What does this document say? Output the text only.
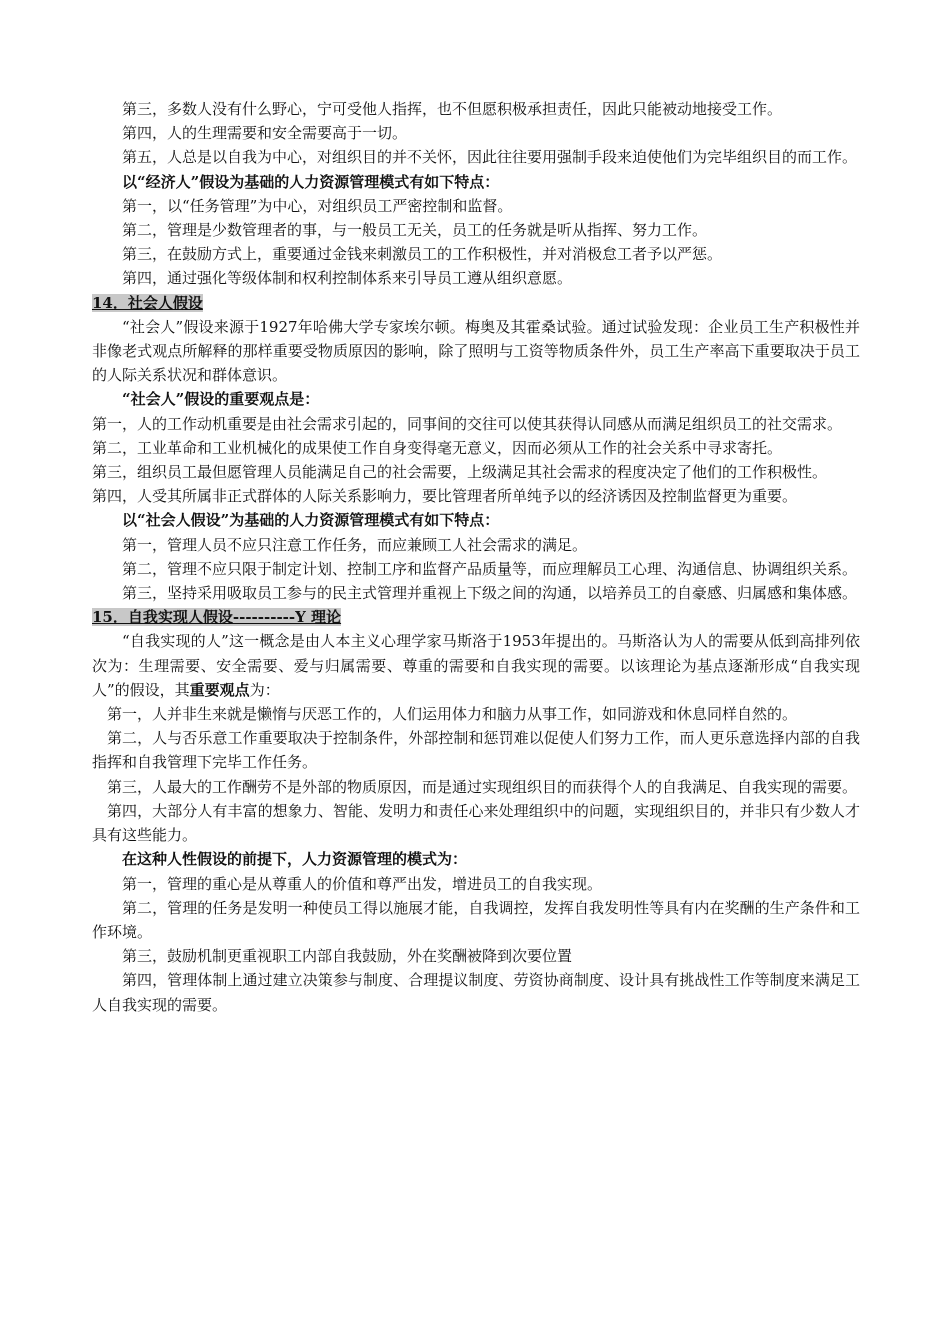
第三，多数人没有什么野心，宁可受他人指挥，也不但愿积极承担责任，因此只能被动地接受工作。

第四，人的生理需要和安全需要高于一切。

第五，人总是以自我为中心，对组织目的并不关怀，因此往往要用强制手段来迫使他们为完毕组织目的而工作。

以“经济人”假设为基础的人力资源管理模式有如下特点：

第一，以“任务管理”为中心，对组织员工严密控制和监督。

第二，管理是少数管理者的事，与一般员工无关，员工的任务就是听从指挥、努力工作。

第三，在鼓励方式上，重要通过金钱来刺激员工的工作积极性，并对消极怠工者予以严惩。

第四，通过强化等级体制和权利控制体系来引导员工遵从组织意愿。

14．社会人假设

“社会人”假设来源于1927年哈佛大学专家埃尔顿。梅奥及其霍桑试验。通过试验发现：企业员工生产积极性并非像老式观点所解释的那样重要受物质原因的影响，除了照明与工资等物质条件外，员工生产率高下重要取决于员工的人际关系状况和群体意识。

“社会人”假设的重要观点是：

第一，人的工作动机重要是由社会需求引起的，同事间的交往可以使其获得认同感从而满足组织员工的社交需求。

第二，工业革命和工业机械化的成果使工作自身变得毫无意义，因而必须从工作的社会关系中寻求寄托。

第三，组织员工最但愿管理人员能满足自己的社会需要，上级满足其社会需求的程度决定了他们的工作积极性。

第四，人受其所属非正式群体的人际关系影响力，要比管理者所单纯予以的经济诱因及控制监督更为重要。

以“社会人假设”为基础的人力资源管理模式有如下特点：

第一，管理人员不应只注意工作任务，而应兼顾工人社会需求的满足。

第二，管理不应只限于制定计划、控制工序和监督产品质量等，而应理解员工心理、沟通信息、协调组织关系。

第三，坚持采用吸取员工参与的民主式管理并重视上下级之间的沟通，以培养员工的自豪感、归属感和集体感。

15．自我实现人假设----------Y 理论

“自我实现的人”这一概念是由人本主义心理学家马斯洛于1953年提出的。马斯洛认为人的需要从低到高排列依次为：生理需要、安全需要、爱与归属需要、尊重的需要和自我实现的需要。以该理论为基点逐渐形成“自我实现人”的假设，其重要观点为：

第一，人并非生来就是懒惰与厌恶工作的，人们运用体力和脑力从事工作，如同游戏和休息同样自然的。

第二，人与否乐意工作重要取决于控制条件，外部控制和惩罚难以促使人们努力工作，而人更乐意选择内部的自我指挥和自我管理下完毕工作任务。

第三，人最大的工作酬劳不是外部的物质原因，而是通过实现组织目的而获得个人的自我满足、自我实现的需要。

第四，大部分人有丰富的想象力、智能、发明力和责任心来处理组织中的问题，实现组织目的，并非只有少数人才具有这些能力。

在这种人性假设的前提下，人力资源管理的模式为：

第一，管理的重心是从尊重人的价值和尊严出发，增进员工的自我实现。

第二，管理的任务是发明一种使员工得以施展才能，自我调控，发挥自我发明性等具有内在奖酬的生产条件和工作环境。

第三，鼓励机制更重视职工内部自我鼓励，外在奖酬被降到次要位置

第四，管理体制上通过建立决策参与制度、合理提议制度、劳资协商制度、设计具有挑战性工作等制度来满足工人自我实现的需要。
